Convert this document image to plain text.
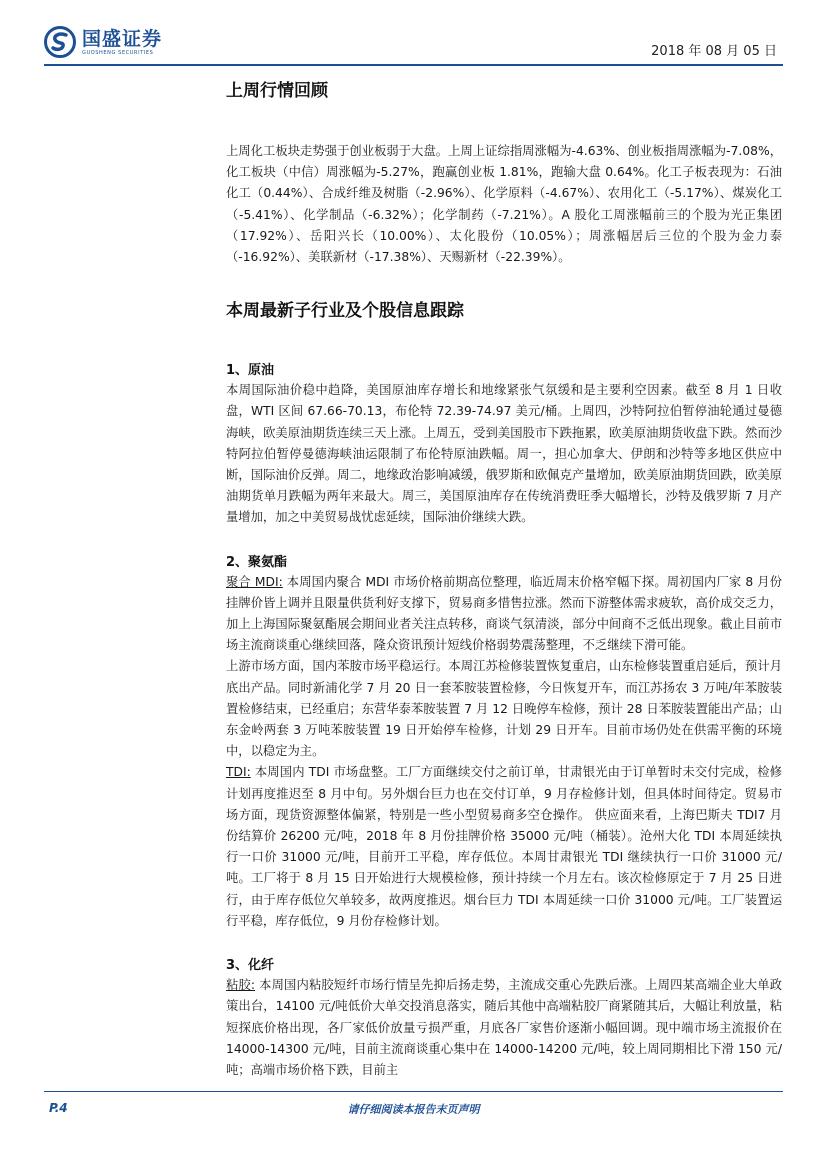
国盛证券
GUOSHENG SECURITIES	2018 年 08 月 05 日
上周行情回顾

上周化工板块走势强于创业板弱于大盘。上周上证综指周涨幅为-4.63%、创业板指周涨幅为-7.08%，化工板块（中信）周涨幅为-5.27%，跑赢创业板 1.81%，跑输大盘 0.64%。化工子板表现为：石油化工（0.44%）、合成纤维及树脂（-2.96%）、化学原料（-4.67%）、农用化工（-5.17%）、煤炭化工（-5.41%）、化学制品（-6.32%）；化学制药（-7.21%）。A 股化工周涨幅前三的个股为光正集团（17.92%）、岳阳兴长（10.00%）、太化股份（10.05%）；周涨幅居后三位的个股为金力泰（-16.92%）、美联新材（-17.38%）、天赐新材（-22.39%）。

本周最新子行业及个股信息跟踪
1、原油

本周国际油价稳中趋降，美国原油库存增长和地缘紧张气氛缓和是主要利空因素。截至 8 月 1 日收盘，WTI 区间 67.66-70.13，布伦特 72.39-74.97 美元/桶。上周四，沙特阿拉伯暂停油轮通过曼德海峡，欧美原油期货连续三天上涨。上周五，受到美国股市下跌拖累，欧美原油期货收盘下跌。然而沙特阿拉伯暂停曼德海峡油运限制了布伦特原油跌幅。周一，担心加拿大、伊朗和沙特等多地区供应中断，国际油价反弹。周二，地缘政治影响减缓，俄罗斯和欧佩克产量增加，欧美原油期货回跌，欧美原油期货单月跌幅为两年来最大。周三，美国原油库存在传统消费旺季大幅增长，沙特及俄罗斯 7 月产量增加，加之中美贸易战忧虑延续，国际油价继续大跌。

2、聚氨酯

聚合 MDI: 本周国内聚合 MDI 市场价格前期高位整理，临近周末价格窄幅下探。周初国内厂家 8 月份挂牌价皆上调并且限量供货利好支撑下，贸易商多惜售拉涨。然而下游整体需求疲软，高价成交乏力，加上上海国际聚氨酯展会期间业者关注点转移，商谈气氛清淡，部分中间商不乏低出现象。截止目前市场主流商谈重心继续回落，隆众资讯预计短线价格弱势震荡整理，不乏继续下滑可能。

上游市场方面，国内苯胺市场平稳运行。本周江苏检修装置恢复重启，山东检修装置重启延后，预计月底出产品。同时新浦化学 7 月 20 日一套苯胺装置检修，今日恢复开车，而江苏扬农 3 万吨/年苯胺装置检修结束，已经重启；东营华泰苯胺装置 7 月 12 日晚停车检修，预计 28 日苯胺装置能出产品；山东金岭两套 3 万吨苯胺装置 19 日开始停车检修，计划 29 日开车。目前市场仍处在供需平衡的环境中，以稳定为主。

TDI: 本周国内 TDI 市场盘整。工厂方面继续交付之前订单，甘肃银光由于订单暂时未交付完成，检修计划再度推迟至 8 月中旬。另外烟台巨力也在交付订单，9 月存检修计划，但具体时间待定。贸易市场方面，现货资源整体偏紧，特别是一些小型贸易商多空仓操作。 供应面来看，上海巴斯夫 TDI7 月份结算价 26200 元/吨，2018 年 8 月份挂牌价格 35000 元/吨（桶装）。沧州大化 TDI 本周延续执行一口价 31000 元/吨，目前开工平稳，库存低位。本周甘肃银光 TDI 继续执行一口价 31000 元/吨。工厂将于 8 月 15 日开始进行大规模检修，预计持续一个月左右。该次检修原定于 7 月 25 日进行，由于库存低位欠单较多，故两度推迟。烟台巨力 TDI 本周延续一口价 31000 元/吨。工厂装置运行平稳，库存低位，9 月份存检修计划。

3、化纤

粘胶: 本周国内粘胶短纤市场行情呈先抑后扬走势，主流成交重心先跌后涨。上周四某高端企业大单政策出台，14100 元/吨低价大单交投消息落实，随后其他中高端粘胶厂商紧随其后，大幅让利放量，粘短探底价格出现，各厂家低价放量亏损严重，月底各厂家售价逐渐小幅回调。现中端市场主流报价在 14000-14300 元/吨，目前主流商谈重心集中在 14000-14200 元/吨，较上周同期相比下滑 150 元/吨；高端市场价格下跌，目前主

P.4	请仔细阅读本报告末页声明
